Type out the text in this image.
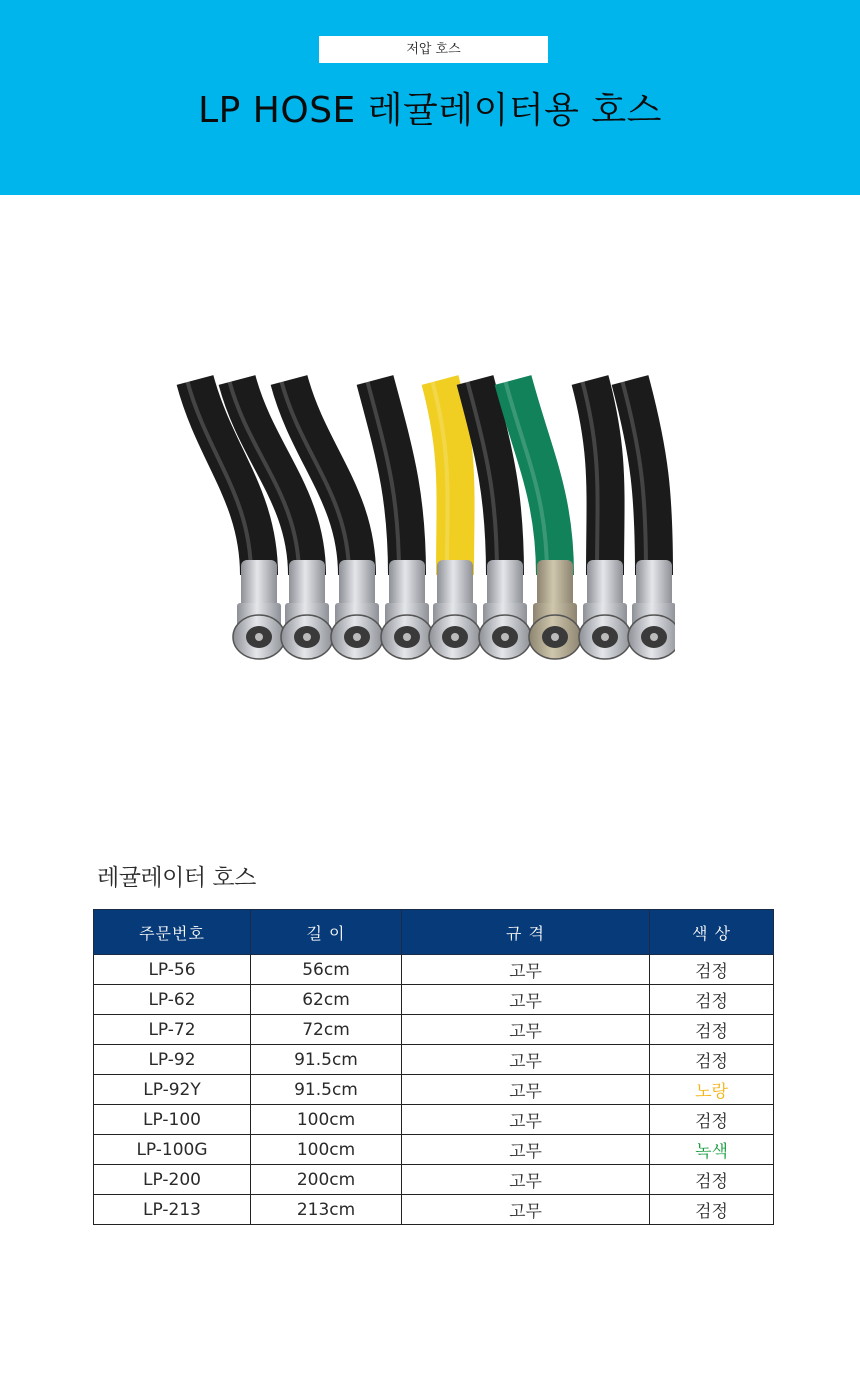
저압 호스
LP HOSE 레귤레이터용 호스
레귤레이터 호스
주문번호	길 이	규 격	색 상
LP-56	56cm	고무	검정
LP-62	62cm	고무	검정
LP-72	72cm	고무	검정
LP-92	91.5cm	고무	검정
LP-92Y	91.5cm	고무	노랑
LP-100	100cm	고무	검정
LP-100G	100cm	고무	녹색
LP-200	200cm	고무	검정
LP-213	213cm	고무	검정
